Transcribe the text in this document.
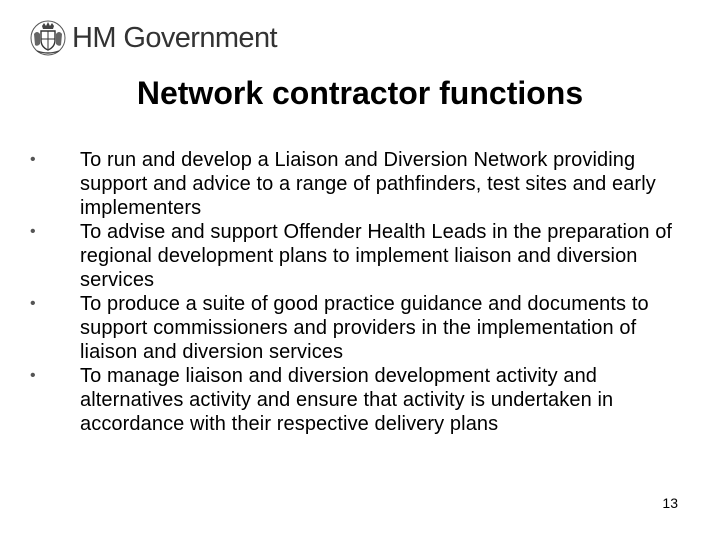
HM Government
Network contractor functions
•	To run and develop a Liaison and Diversion Network providing support and advice to a range of pathfinders, test sites and early implementers
•	To advise and support Offender Health Leads in the preparation of regional development plans to implement liaison and diversion services
•	To produce a suite of good practice guidance and documents to support commissioners and providers in the implementation of liaison and diversion services
•	To manage liaison and diversion development activity and alternatives activity and ensure that activity is undertaken in accordance with their respective delivery plans
13
